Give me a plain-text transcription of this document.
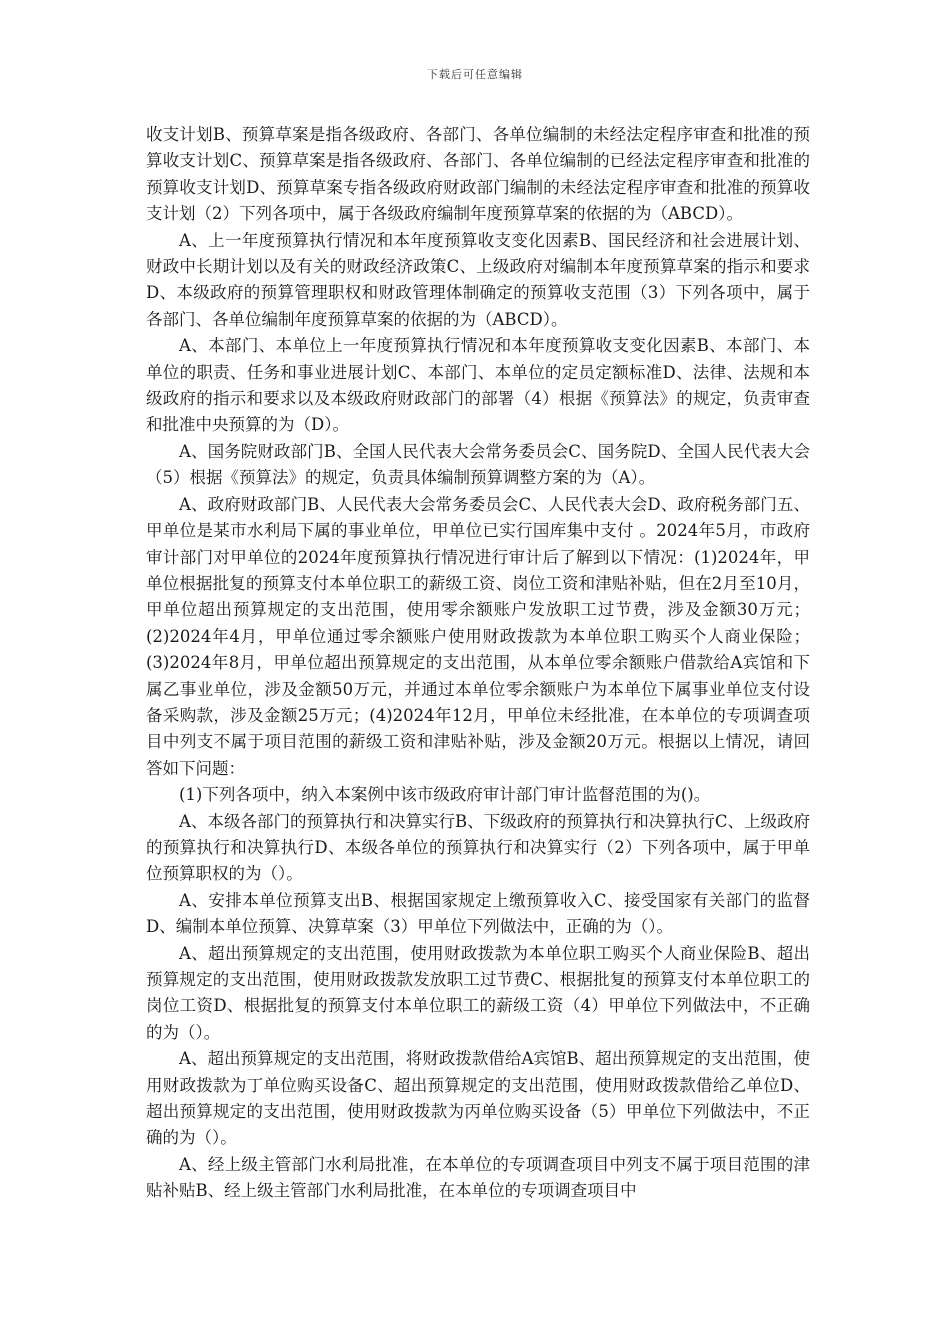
下载后可任意编辑

收支计划B、预算草案是指各级政府、各部门、各单位编制的未经法定程序审查和批准的预算收支计划C、预算草案是指各级政府、各部门、各单位编制的已经法定程序审查和批准的预算收支计划D、预算草案专指各级政府财政部门编制的未经法定程序审查和批准的预算收支计划（2）下列各项中，属于各级政府编制年度预算草案的依据的为（ABCD）。

A、上一年度预算执行情况和本年度预算收支变化因素B、国民经济和社会进展计划、财政中长期计划以及有关的财政经济政策C、上级政府对编制本年度预算草案的指示和要求D、本级政府的预算管理职权和财政管理体制确定的预算收支范围（3）下列各项中，属于各部门、各单位编制年度预算草案的依据的为（ABCD）。

A、本部门、本单位上一年度预算执行情况和本年度预算收支变化因素B、本部门、本单位的职责、任务和事业进展计划C、本部门、本单位的定员定额标准D、法律、法规和本级政府的指示和要求以及本级政府财政部门的部署（4）根据《预算法》的规定，负责审查和批准中央预算的为（D）。

A、国务院财政部门B、全国人民代表大会常务委员会C、国务院D、全国人民代表大会（5）根据《预算法》的规定，负责具体编制预算调整方案的为（A）。

A、政府财政部门B、人民代表大会常务委员会C、人民代表大会D、政府税务部门五、甲单位是某市水利局下属的事业单位，甲单位已实行国库集中支付 。2024年5月，市政府审计部门对甲单位的2024年度预算执行情况进行审计后了解到以下情况：(1)2024年，甲单位根据批复的预算支付本单位职工的薪级工资、岗位工资和津贴补贴，但在2月至10月，甲单位超出预算规定的支出范围，使用零余额账户发放职工过节费，涉及金额30万元；(2)2024年4月，甲单位通过零余额账户使用财政拨款为本单位职工购买个人商业保险；(3)2024年8月，甲单位超出预算规定的支出范围，从本单位零余额账户借款给A宾馆和下属乙事业单位，涉及金额50万元，并通过本单位零余额账户为本单位下属事业单位支付设备采购款，涉及金额25万元；(4)2024年12月，甲单位未经批准，在本单位的专项调查项目中列支不属于项目范围的薪级工资和津贴补贴，涉及金额20万元。根据以上情况，请回答如下问题：

(1)下列各项中，纳入本案例中该市级政府审计部门审计监督范围的为()。

A、本级各部门的预算执行和决算实行B、下级政府的预算执行和决算执行C、上级政府的预算执行和决算执行D、本级各单位的预算执行和决算实行（2）下列各项中，属于甲单位预算职权的为（）。

A、安排本单位预算支出B、根据国家规定上缴预算收入C、接受国家有关部门的监督D、编制本单位预算、决算草案（3）甲单位下列做法中，正确的为（）。

A、超出预算规定的支出范围，使用财政拨款为本单位职工购买个人商业保险B、超出预算规定的支出范围，使用财政拨款发放职工过节费C、根据批复的预算支付本单位职工的岗位工资D、根据批复的预算支付本单位职工的薪级工资（4）甲单位下列做法中，不正确的为（）。

A、超出预算规定的支出范围，将财政拨款借给A宾馆B、超出预算规定的支出范围，使用财政拨款为丁单位购买设备C、超出预算规定的支出范围，使用财政拨款借给乙单位D、超出预算规定的支出范围，使用财政拨款为丙单位购买设备（5）甲单位下列做法中，不正确的为（）。

A、经上级主管部门水利局批准，在本单位的专项调查项目中列支不属于项目范围的津贴补贴B、经上级主管部门水利局批准，在本单位的专项调查项目中
